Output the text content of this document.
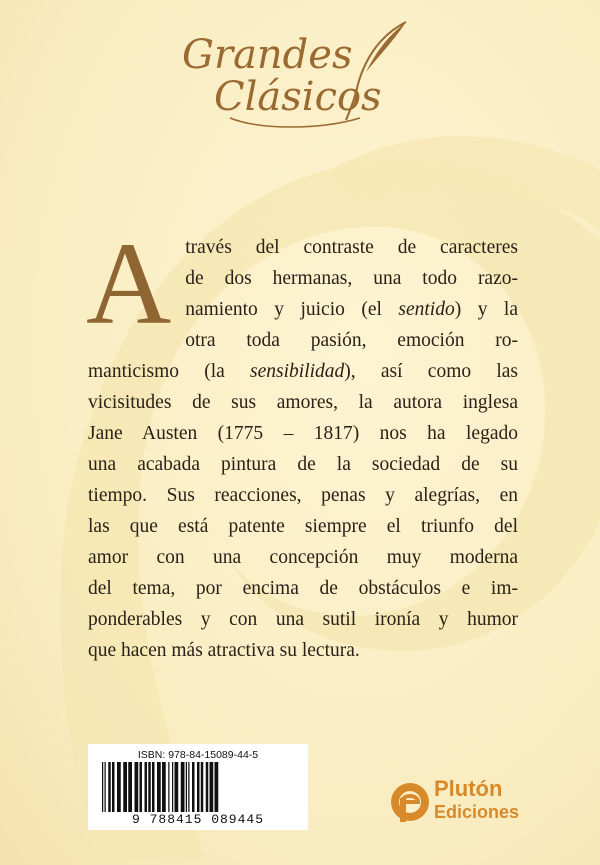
Grandes
Clásicos
A través del contraste de caracteres
de dos hermanas, una todo razo-
namiento y juicio (el sentido) y la
otra toda pasión, emoción ro-
manticismo (la sensibilidad), así como las
vicisitudes de sus amores, la autora inglesa
Jane Austen (1775 – 1817) nos ha legado
una acabada pintura de la sociedad de su
tiempo. Sus reacciones, penas y alegrías, en
las que está patente siempre el triunfo del
amor con una concepción muy moderna
del tema, por encima de obstáculos e im-
ponderables y con una sutil ironía y humor
que hacen más atractiva su lectura.
ISBN: 978-84-15089-44-5
9 788415 089445
Plutón
Ediciones
